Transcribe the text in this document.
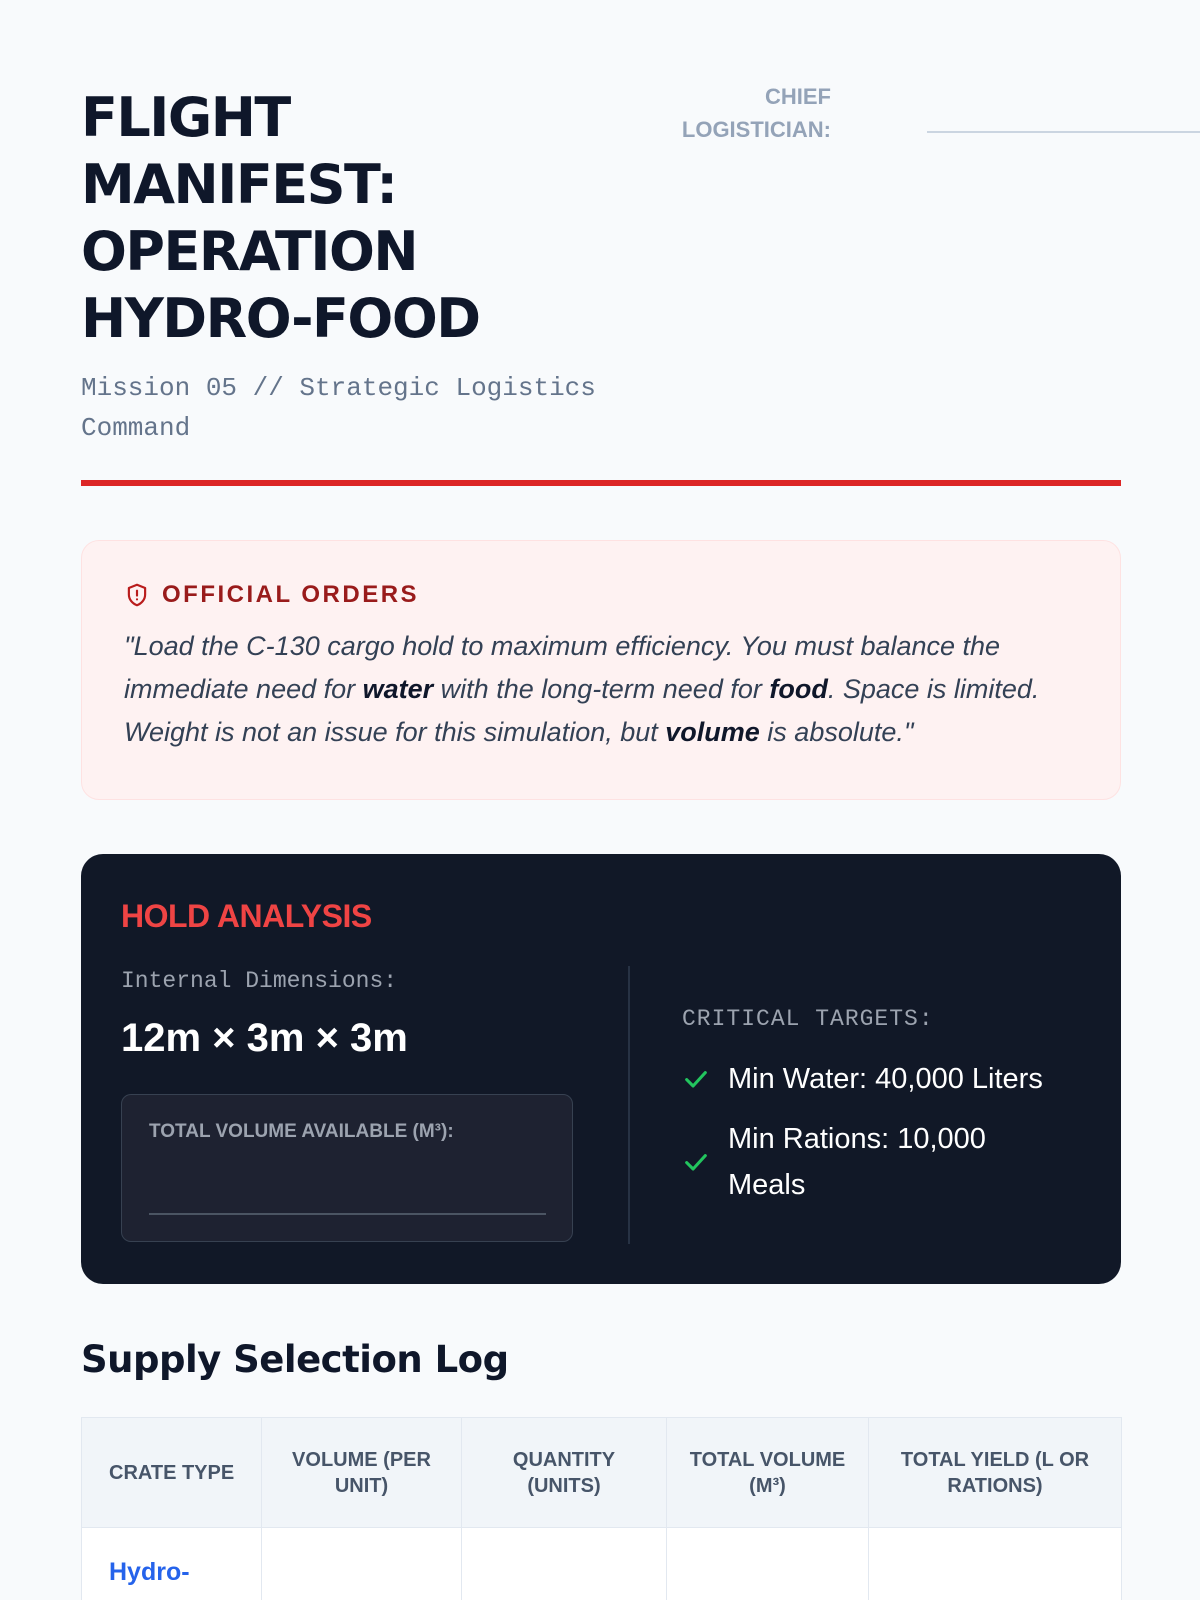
FLIGHT
MANIFEST:
OPERATION
HYDRO-FOOD
Mission 05 // Strategic Logistics Command
CHIEF LOGISTICIAN:
OFFICIAL ORDERS

"Load the C-130 cargo hold to maximum efficiency. You must balance the immediate need for water with the long-term need for food. Space is limited. Weight is not an issue for this simulation, but volume is absolute."

HOLD ANALYSIS
Internal Dimensions:
12m × 3m × 3m
TOTAL VOLUME AVAILABLE (M³):
CRITICAL TARGETS:
Min Water: 40,000 Liters
Min Rations: 10,000 Meals
Supply Selection Log
CRATE TYPE	VOLUME (PER UNIT)	QUANTITY (UNITS)	TOTAL VOLUME (M³)	TOTAL YIELD (L OR RATIONS)
Hydro-				
